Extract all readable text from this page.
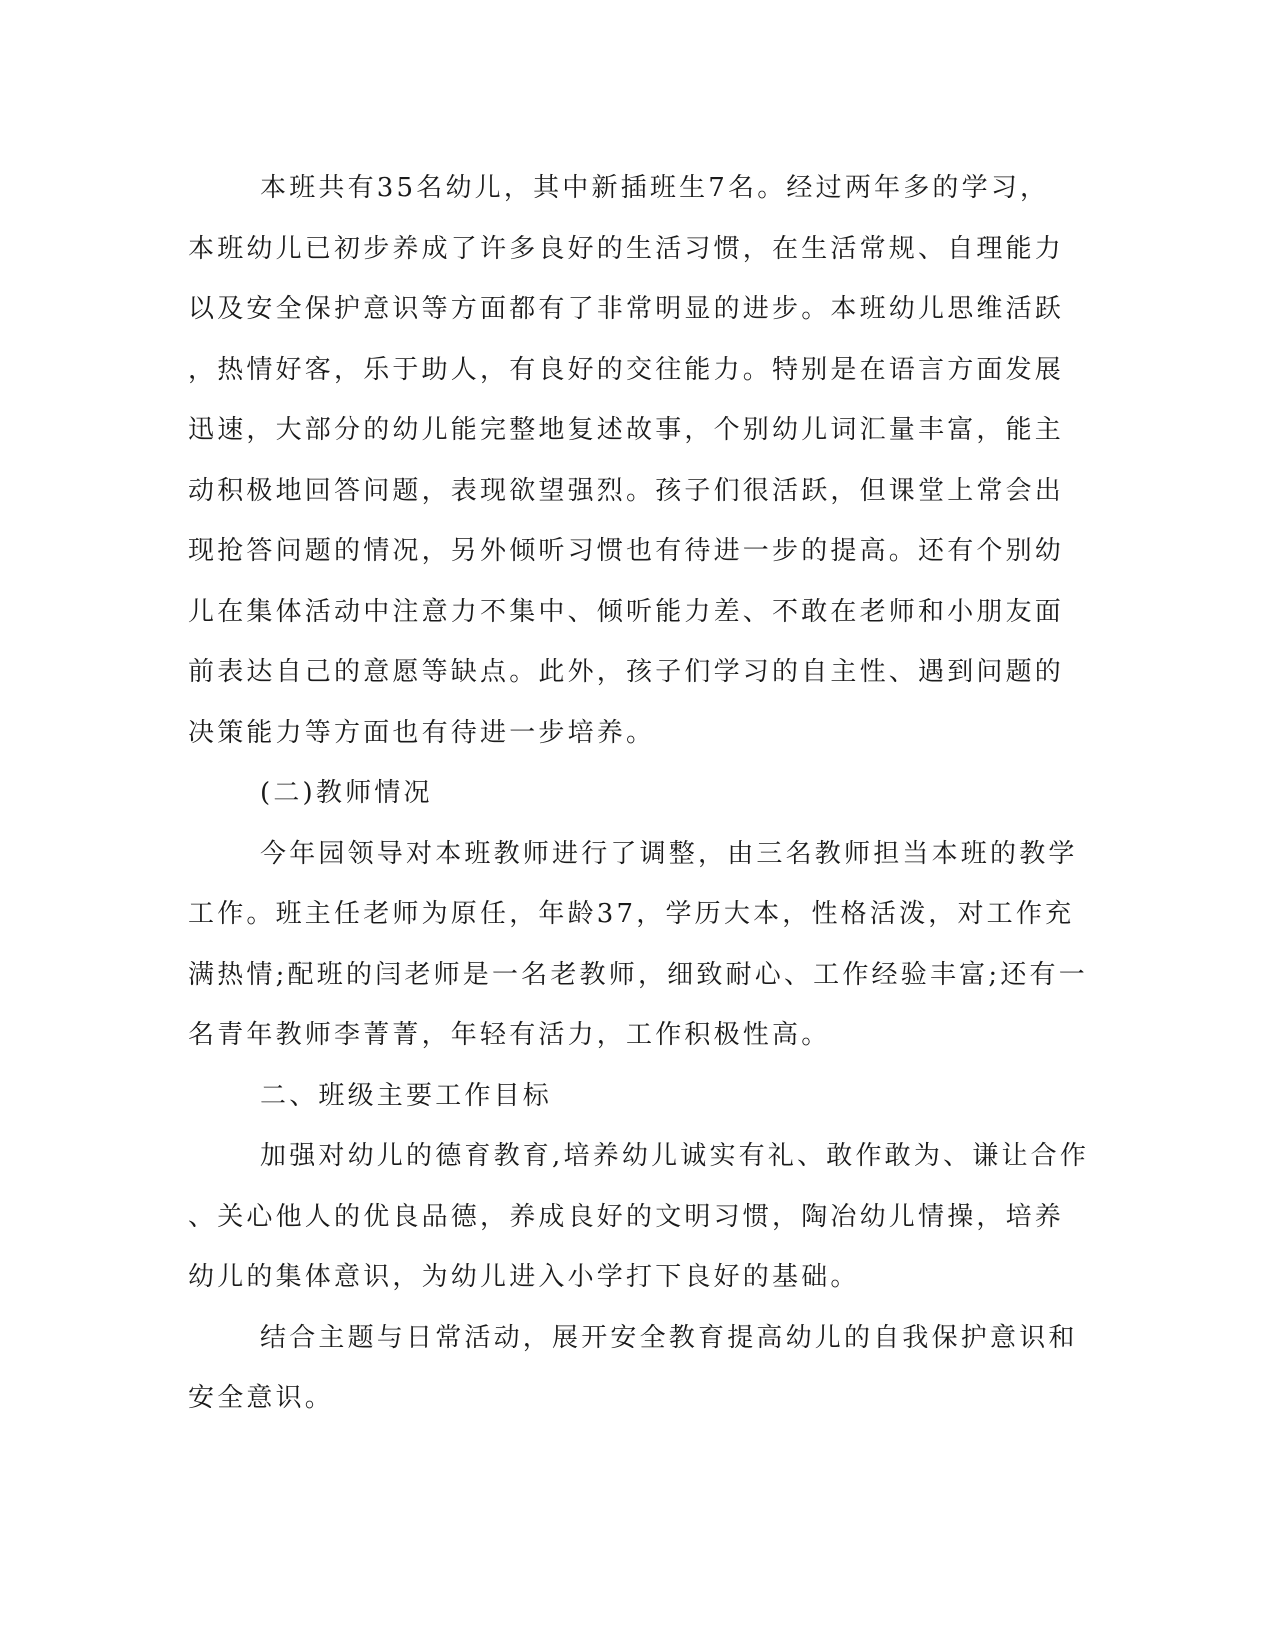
本班共有35名幼儿，其中新插班生7名。经过两年多的学习，
本班幼儿已初步养成了许多良好的生活习惯，在生活常规、自理能力
以及安全保护意识等方面都有了非常明显的进步。本班幼儿思维活跃
，热情好客，乐于助人，有良好的交往能力。特别是在语言方面发展
迅速，大部分的幼儿能完整地复述故事，个别幼儿词汇量丰富，能主
动积极地回答问题，表现欲望强烈。孩子们很活跃，但课堂上常会出
现抢答问题的情况，另外倾听习惯也有待进一步的提高。还有个别幼
儿在集体活动中注意力不集中、倾听能力差、不敢在老师和小朋友面
前表达自己的意愿等缺点。此外，孩子们学习的自主性、遇到问题的
决策能力等方面也有待进一步培养。
(二)教师情况
今年园领导对本班教师进行了调整，由三名教师担当本班的教学
工作。班主任老师为原任，年龄37，学历大本，性格活泼，对工作充
满热情;配班的闫老师是一名老教师，细致耐心、工作经验丰富;还有一
名青年教师李菁菁，年轻有活力，工作积极性高。
二、班级主要工作目标
加强对幼儿的德育教育,培养幼儿诚实有礼、敢作敢为、谦让合作
、关心他人的优良品德，养成良好的文明习惯，陶冶幼儿情操，培养
幼儿的集体意识，为幼儿进入小学打下良好的基础。
结合主题与日常活动，展开安全教育提高幼儿的自我保护意识和
安全意识。
